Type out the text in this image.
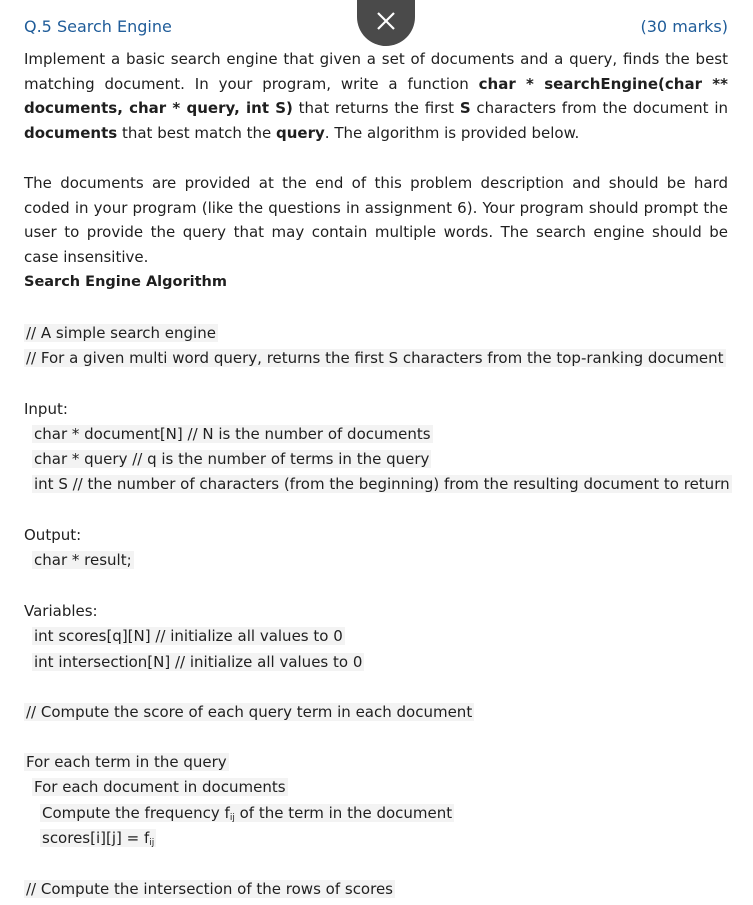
Q.5 Search Engine	(30 marks)

Implement a basic search engine that given a set of documents and a query, finds the best matching document. In your program, write a function char * searchEngine(char ** documents, char * query, int S) that returns the first S characters from the document in documents that best match the query. The algorithm is provided below.

The documents are provided at the end of this problem description and should be hard coded in your program (like the questions in assignment 6). Your program should prompt the user to provide the query that may contain multiple words. The search engine should be case insensitive.

Search Engine Algorithm
// A simple search engine
// For a given multi word query, returns the first S characters from the top-ranking document
Input:
char * document[N] // N is the number of documents
char * query // q is the number of terms in the query
int S // the number of characters (from the beginning) from the resulting document to return
Output:
char * result;
Variables:
int scores[q][N] // initialize all values to 0
int intersection[N] // initialize all values to 0
// Compute the score of each query term in each document
For each term in the query
For each document in documents
Compute the frequency $f_{ij}$ of the term in the document
scores[i][j] = $f_{ij}$
// Compute the intersection of the rows of scores
